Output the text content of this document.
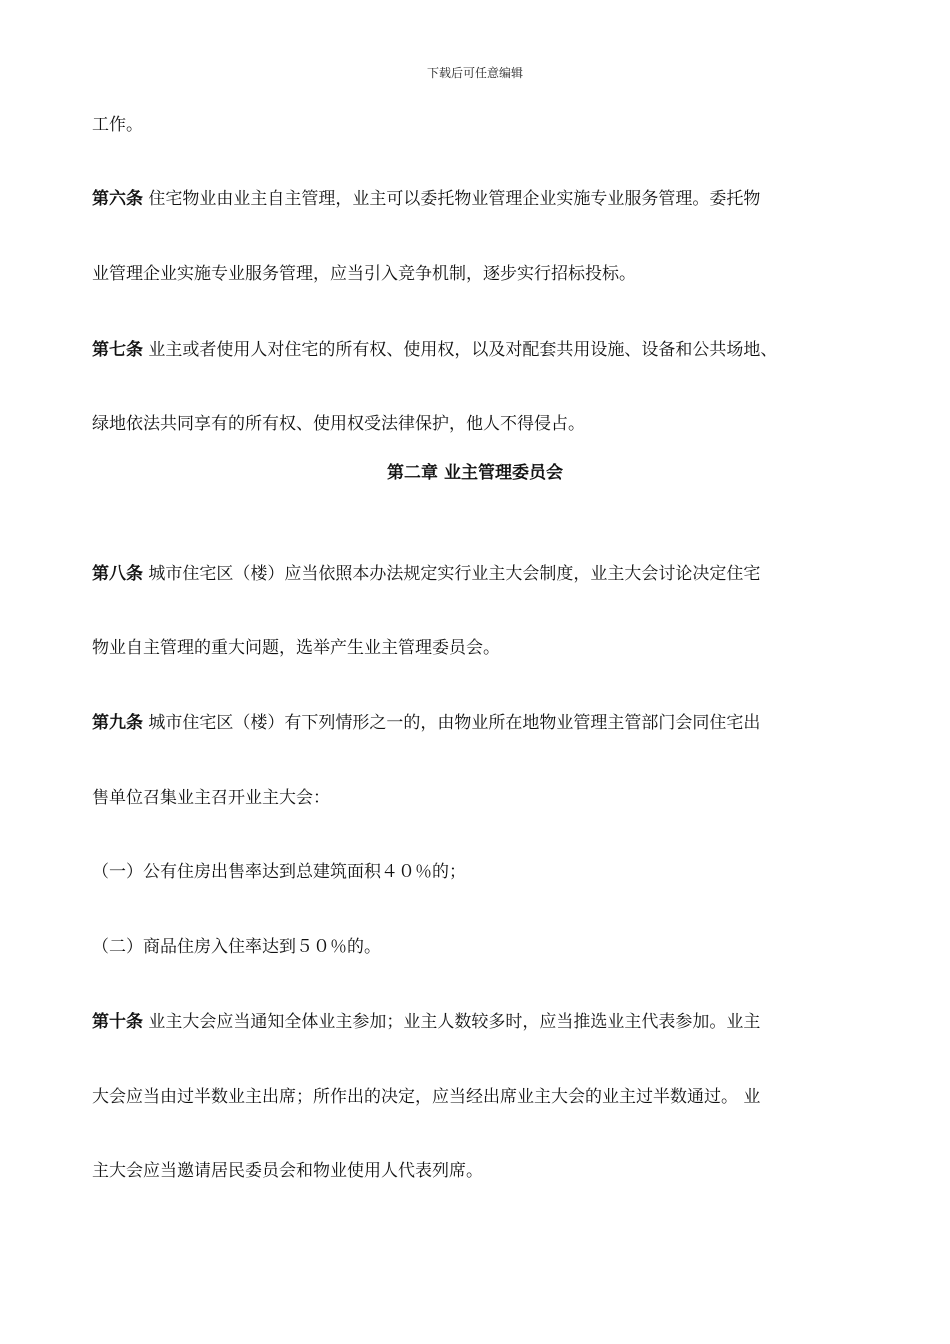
下载后可任意编辑
工作。
第六条 住宅物业由业主自主管理，业主可以委托物业管理企业实施专业服务管理。委托物
业管理企业实施专业服务管理，应当引入竞争机制，逐步实行招标投标。
第七条 业主或者使用人对住宅的所有权、使用权，以及对配套共用设施、设备和公共场地、
绿地依法共同享有的所有权、使用权受法律保护，他人不得侵占。
第二章 业主管理委员会
第八条 城市住宅区（楼）应当依照本办法规定实行业主大会制度，业主大会讨论决定住宅
物业自主管理的重大问题，选举产生业主管理委员会。
第九条 城市住宅区（楼）有下列情形之一的，由物业所在地物业管理主管部门会同住宅出
售单位召集业主召开业主大会：
（一）公有住房出售率达到总建筑面积４０％的；
（二）商品住房入住率达到５０％的。
第十条 业主大会应当通知全体业主参加；业主人数较多时，应当推选业主代表参加。业主
大会应当由过半数业主出席；所作出的决定，应当经出席业主大会的业主过半数通过。 业
主大会应当邀请居民委员会和物业使用人代表列席。
